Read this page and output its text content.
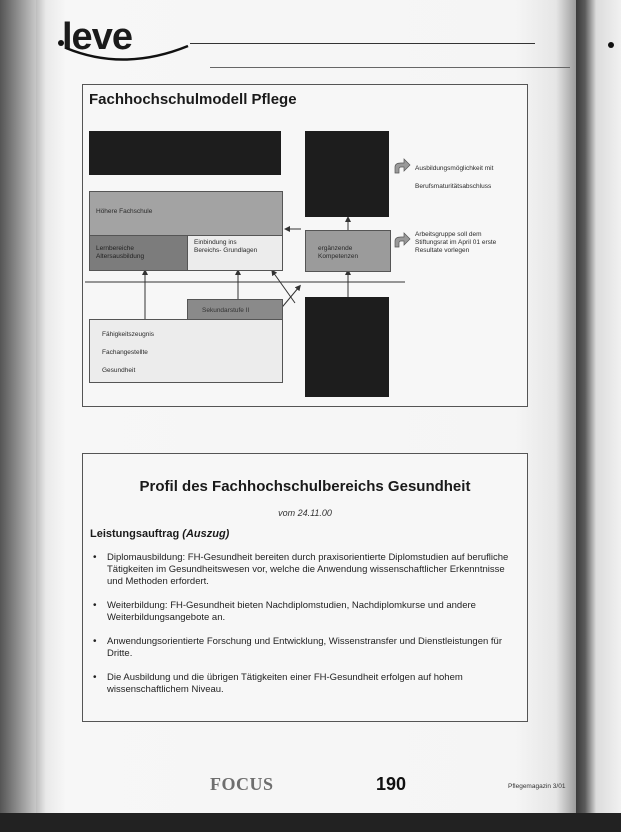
leve
Fachhochschulmodell Pflege
Höhere Fachschule
Lernbereiche Altersausbildung
Einbindung ins Bereichs- Grundlagen	ergänzende Kompetenzen
Sekundarstufe II
Fähigkeitszeugnis
Fachangestellte
Gesundheit
Ausbildungsmöglichkeit mit
Berufsmaturitätsabschluss
Arbeitsgruppe soll dem Stiftungsrat im April 01 erste Resultate vorlegen
Profil des Fachhochschulbereichs Gesundheit
vom 24.11.00
Leistungsauftrag (Auszug)
• Diplomausbildung: FH-Gesundheit bereiten durch praxisorientierte Diplomstudien auf berufliche Tätigkeiten im Gesundheitswesen vor, welche die Anwendung wissenschaftlicher Erkenntnisse und Methoden erfordert.
• Weiterbildung: FH-Gesundheit bieten Nachdiplomstudien, Nachdiplomkurse und andere Weiterbildungsangebote an.
• Anwendungsorientierte Forschung und Entwicklung, Wissenstransfer und Dienstleistungen für Dritte.
• Die Ausbildung und die übrigen Tätigkeiten einer FH-Gesundheit erfolgen auf hohem wissenschaftlichem Niveau.
FOCUS	190	Pflegemagazin 3/01
